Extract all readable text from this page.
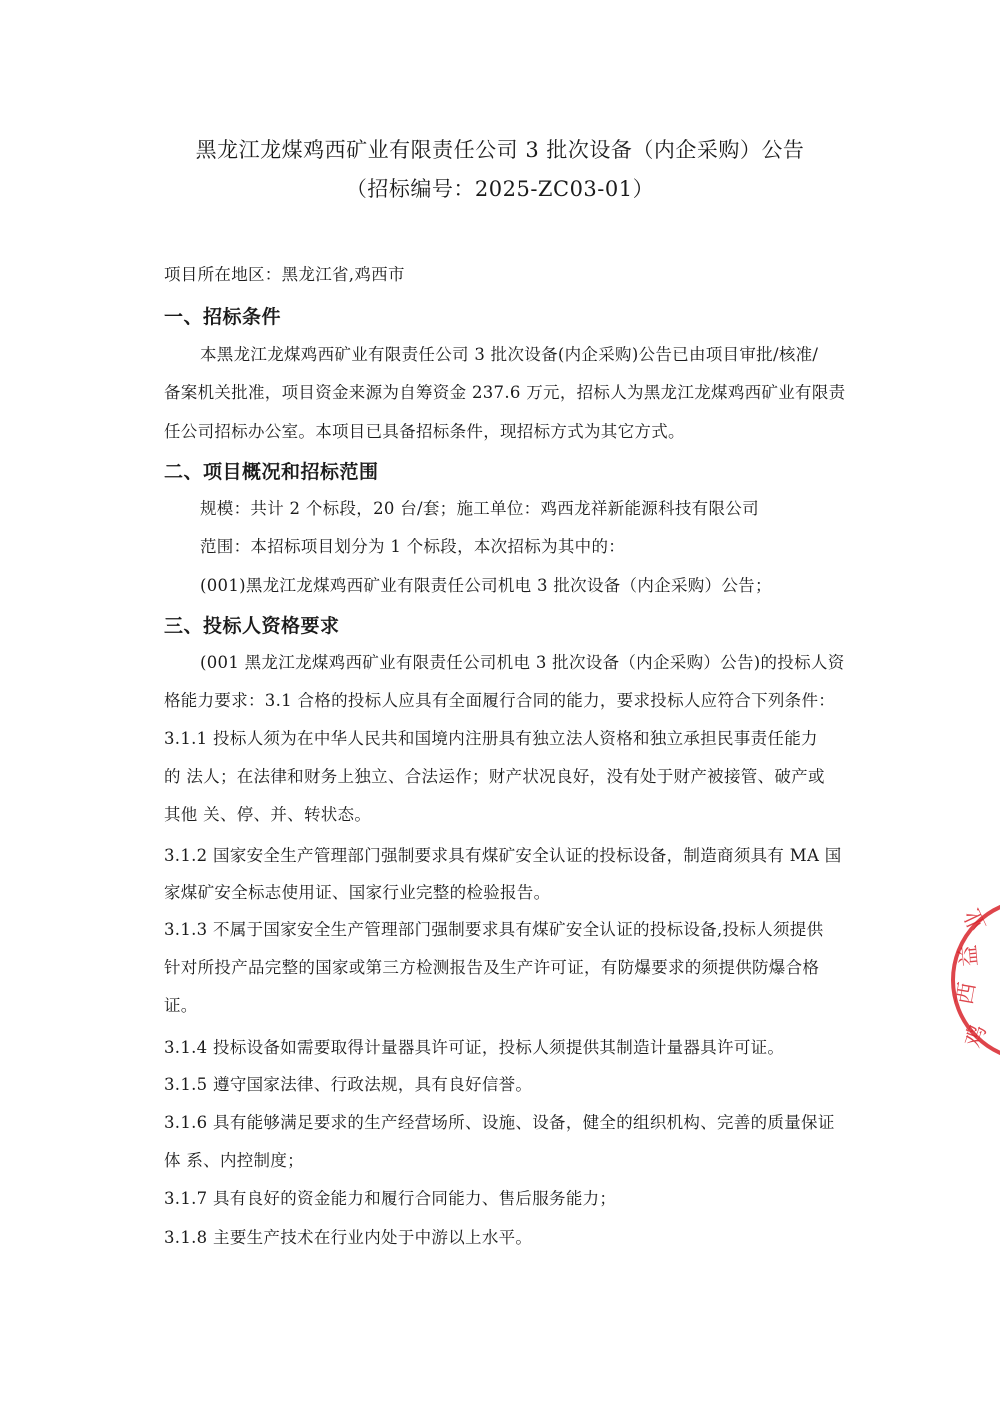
黑龙江龙煤鸡西矿业有限责任公司 3 批次设备（内企采购）公告
（招标编号：2025-ZC03-01）
项目所在地区：黑龙江省,鸡西市
一、招标条件
本黑龙江龙煤鸡西矿业有限责任公司 3 批次设备(内企采购)公告已由项目审批/核准/
备案机关批准，项目资金来源为自筹资金 237.6 万元，招标人为黑龙江龙煤鸡西矿业有限责
任公司招标办公室。本项目已具备招标条件，现招标方式为其它方式。
二、项目概况和招标范围
规模：共计 2 个标段，20 台/套；施工单位：鸡西龙祥新能源科技有限公司
范围：本招标项目划分为 1 个标段，本次招标为其中的：
(001)黑龙江龙煤鸡西矿业有限责任公司机电 3 批次设备（内企采购）公告；
三、投标人资格要求
(001 黑龙江龙煤鸡西矿业有限责任公司机电 3 批次设备（内企采购）公告)的投标人资
格能力要求：3.1 合格的投标人应具有全面履行合同的能力，要求投标人应符合下列条件：
3.1.1 投标人须为在中华人民共和国境内注册具有独立法人资格和独立承担民事责任能力
的 法人；在法律和财务上独立、合法运作；财产状况良好，没有处于财产被接管、破产或
其他 关、停、并、转状态。
3.1.2 国家安全生产管理部门强制要求具有煤矿安全认证的投标设备，制造商须具有 MA 国
家煤矿安全标志使用证、国家行业完整的检验报告。
3.1.3 不属于国家安全生产管理部门强制要求具有煤矿安全认证的投标设备,投标人须提供
针对所投产品完整的国家或第三方检测报告及生产许可证，有防爆要求的须提供防爆合格
证。
3.1.4 投标设备如需要取得计量器具许可证，投标人须提供其制造计量器具许可证。
3.1.5 遵守国家法律、行政法规，具有良好信誉。
3.1.6 具有能够满足要求的生产经营场所、设施、设备，健全的组织机构、完善的质量保证
体 系、内控制度；
3.1.7 具有良好的资金能力和履行合同能力、售后服务能力；
3.1.8 主要生产技术在行业内处于中游以上水平。
鸡
西
益
业
